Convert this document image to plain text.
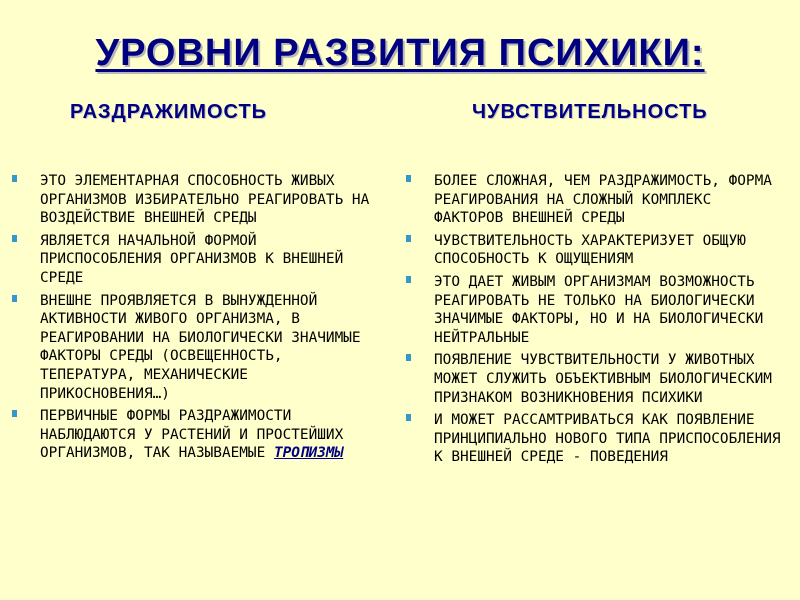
УРОВНИ РАЗВИТИЯ ПСИХИКИ:
РАЗДРАЖИМОСТЬ	ЧУВСТВИТЕЛЬНОСТЬ
ЭТО ЭЛЕМЕНТАРНАЯ СПОСОБНОСТЬ ЖИВЫХ ОРГАНИЗМОВ ИЗБИРАТЕЛЬНО РЕАГИРОВАТЬ НА ВОЗДЕЙСТВИЕ ВНЕШНЕЙ СРЕДЫ
ЯВЛЯЕТСЯ НАЧАЛЬНОЙ ФОРМОЙ ПРИСПОСОБЛЕНИЯ ОРГАНИЗМОВ К ВНЕШНЕЙ СРЕДЕ
ВНЕШНЕ ПРОЯВЛЯЕТСЯ В ВЫНУЖДЕННОЙ АКТИВНОСТИ ЖИВОГО ОРГАНИЗМА, В РЕАГИРОВАНИИ НА БИОЛОГИЧЕСКИ ЗНАЧИМЫЕ ФАКТОРЫ СРЕДЫ (ОСВЕЩЕННОСТЬ, ТЕПЕРАТУРА, МЕХАНИЧЕСКИЕ ПРИКОСНОВЕНИЯ…)
ПЕРВИЧНЫЕ ФОРМЫ РАЗДРАЖИМОСТИ НАБЛЮДАЮТСЯ У РАСТЕНИЙ И ПРОСТЕЙШИХ ОРГАНИЗМОВ, ТАК НАЗЫВАЕМЫЕ ТРОПИЗМЫ
БОЛЕЕ СЛОЖНАЯ, ЧЕМ РАЗДРАЖИМОСТЬ, ФОРМА РЕАГИРОВАНИЯ НА СЛОЖНЫЙ КОМПЛЕКС ФАКТОРОВ ВНЕШНЕЙ СРЕДЫ
ЧУВСТВИТЕЛЬНОСТЬ ХАРАКТЕРИЗУЕТ ОБЩУЮ СПОСОБНОСТЬ К ОЩУЩЕНИЯМ
ЭТО ДАЕТ ЖИВЫМ ОРГАНИЗМАМ ВОЗМОЖНОСТЬ РЕАГИРОВАТЬ НЕ ТОЛЬКО НА БИОЛОГИЧЕСКИ ЗНАЧИМЫЕ ФАКТОРЫ, НО И НА БИОЛОГИЧЕСКИ НЕЙТРАЛЬНЫЕ
ПОЯВЛЕНИЕ ЧУВСТВИТЕЛЬНОСТИ У ЖИВОТНЫХ МОЖЕТ СЛУЖИТЬ ОБЪЕКТИВНЫМ БИОЛОГИЧЕСКИМ ПРИЗНАКОМ ВОЗНИКНОВЕНИЯ ПСИХИКИ
И МОЖЕТ РАССАМТРИВАТЬСЯ КАК ПОЯВЛЕНИЕ ПРИНЦИПИАЛЬНО НОВОГО ТИПА ПРИСПОСОБЛЕНИЯ К ВНЕШНЕЙ СРЕДЕ - ПОВЕДЕНИЯ
